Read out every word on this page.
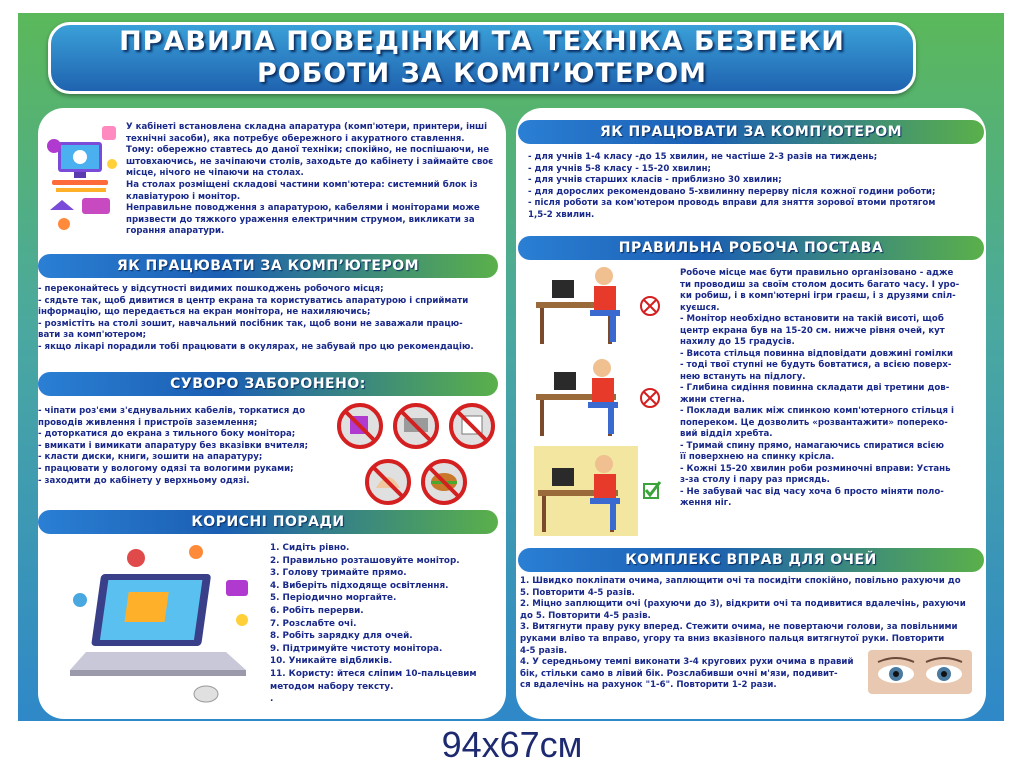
ПРАВИЛА ПОВЕДІНКИ ТА ТЕХНІКА БЕЗПЕКИ
РОБОТИ ЗА КОМП’ЮТЕРОМ

У кабінеті встановлена складна апаратура (комп'ютери, принтери, інші

технічні засоби), яка потребує обережного і акуратного ставлення.

Тому: обережно ставтесь до даної техніки; спокійно, не поспішаючи, не

штовхаючись, не зачіпаючи столів, заходьте до кабінету і займайте своє

місце, нічого не чіпаючи на столах.

На столах розміщені складові частини комп'ютера: системний блок із

клавіатурою і монітор.

Неправильне поводження з апаратурою, кабелями і моніторами може

призвести до тяжкого ураження електричним струмом, викликати за

горання апаратури.

ЯК ПРАЦЮВАТИ ЗА КОМП’ЮТЕРОМ

- переконайтесь у відсутності видимих пошкоджень робочого місця;

- сядьте так, щоб дивитися в центр екрана та користуватись апаратурою і сприймати

інформацію, що передається на екран монітора, не нахиляючись;

- розмістіть на столі зошит, навчальний посібник так, щоб вони не заважали працю-

вати за комп'ютером;

- якщо лікарі порадили тобі працювати в окулярах, не забувай про цю рекомендацію.

СУВОРО ЗАБОРОНЕНО:

- чіпати роз'єми з'єднувальних кабелів, торкатися до

проводів живлення і пристроїв заземлення;

- доторкатися до екрана з тильного боку монітора;

- вмикати і вимикати апаратуру без вказівки вчителя;

- класти диски, книги, зошити на апаратуру;

- працювати у вологому одязі та вологими руками;

- заходити до кабінету у верхньому одязі.

КОРИСНІ ПОРАДИ

1. Сидіть рівно.

2. Правильно розташовуйте монітор.

3. Голову тримайте прямо.

4. Виберіть підходяще освітлення.

5. Періодично моргайте.

6. Робіть перерви.

7. Розслабте очі.

8. Робіть зарядку для очей.

9. Підтримуйте чистоту монітора.

10. Уникайте відбликів.

11. Користу: йтеся сліпим 10-пальцевим

методом набору тексту.

.

ЯК ПРАЦЮВАТИ ЗА КОМП’ЮТЕРОМ

- для учнів 1-4 класу -до 15 хвилин, не частіше 2-3 разів на тиждень;

- для учнів 5-8 класу - 15-20 хвилин;

- для учнів старших класів - приблизно 30 хвилин;

- для дорослих рекомендовано 5-хвилинну перерву після кожної години роботи;

- після роботи за ком'ютером проводь вправи для зняття зорової втоми протягом

1,5-2 хвилин.

ПРАВИЛЬНА РОБОЧА ПОСТАВА

Робоче місце має бути правильно організовано - адже

ти проводиш за своїм столом досить багато часу. І уро-

ки робиш, і в комп'ютерні ігри граєш, і з друзями спіл-

куєшся.

- Монітор необхідно встановити на такій висоті, щоб

центр екрана був на 15-20 см. нижче рівня очей, кут

нахилу до 15 градусів.

- Висота стільця повинна відповідати довжині гомілки

- тоді твої ступні не будуть бовтатися, а всією поверх-

нею встануть на підлогу.

- Глибина сидіння повинна складати дві третини дов-

жини стегна.

- Поклади валик між спинкою комп'ютерного стільця і

попереком. Це дозволить «розвантажити» попереко-

вий відділ хребта.

- Тримай спину прямо, намагаючись спиратися всією

її поверхнею на спинку крісла.

- Кожні 15-20 хвилин роби розминочні вправи: Устань

з-за столу і пару раз присядь.

- Не забувай час від часу хоча б просто міняти поло-

ження ніг.

КОМПЛЕКС ВПРАВ ДЛЯ ОЧЕЙ

1. Швидко покліпати очима, заплющити очі та посидіти спокійно, повільно рахуючи до

5. Повторити 4-5 разів.

2. Міцно заплющити очі (рахуючи до 3), відкрити очі та подивитися вдалечінь, рахуючи

до 5. Повторити 4-5 разів.

3. Витягнути праву руку вперед. Стежити очима, не повертаючи голови, за повільними

руками вліво та вправо, угору та вниз вказівного пальця витягнутої руки. Повторити

4-5 разів.

4. У середньому темпі виконати 3-4 кругових рухи очима в правий

бік, стільки само в лівий бік. Розслабивши очні м'язи, подивит-

ся вдалечінь на рахунок "1-6". Повторити 1-2 рази.

94x67см
